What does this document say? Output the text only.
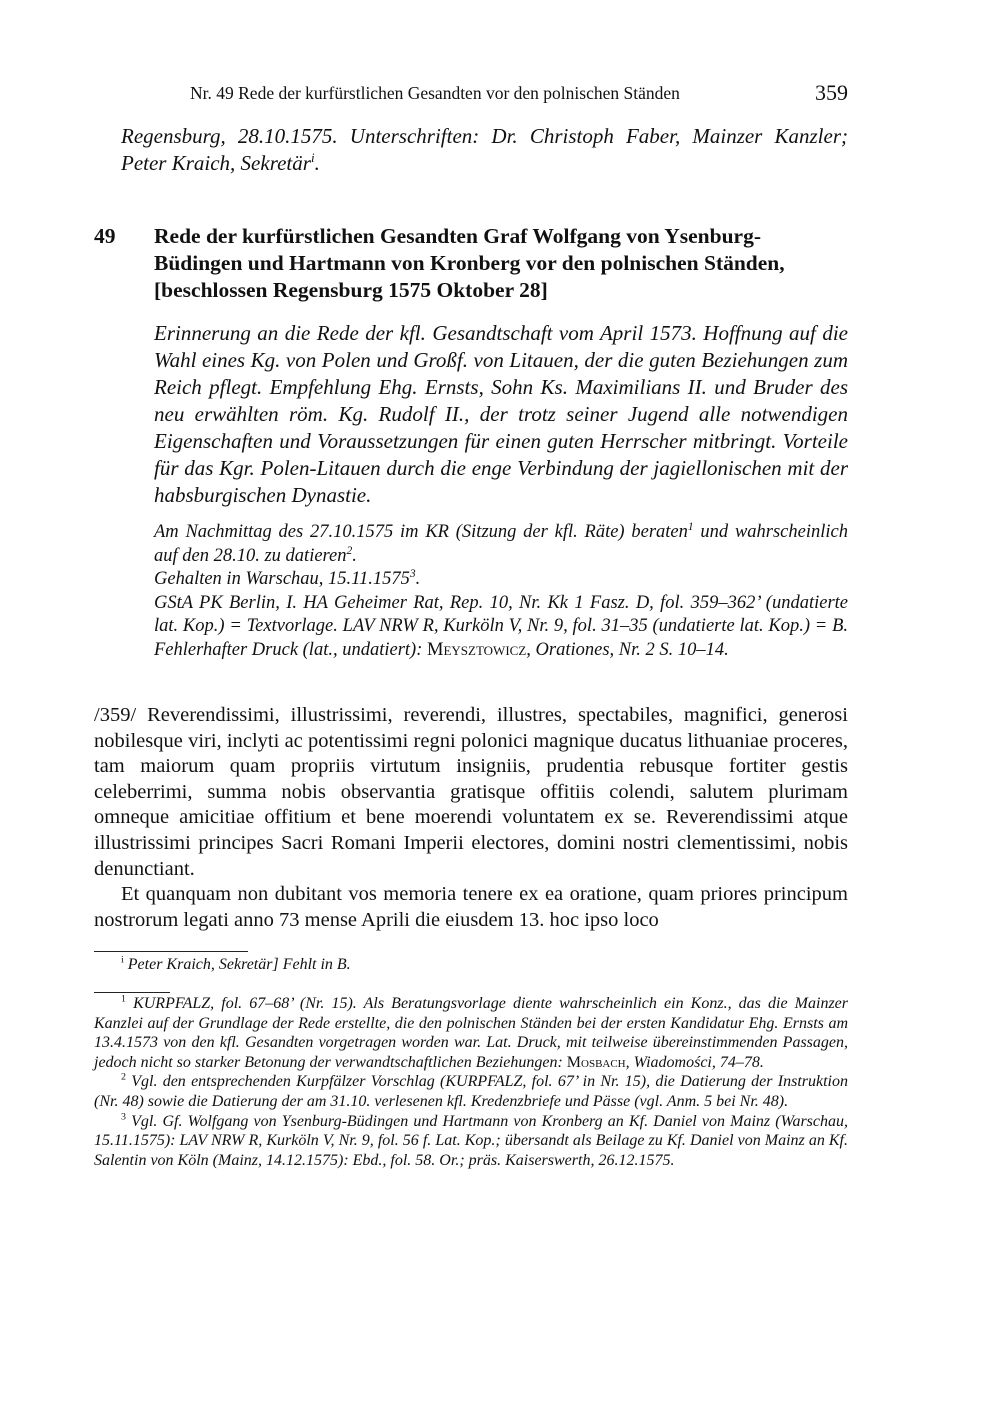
Nr. 49 Rede der kurfürstlichen Gesandten vor den polnischen Ständen	359
Regensburg, 28.10.1575. Unterschriften: Dr. Christoph Faber, Mainzer Kanzler; Peter Kraich, Sekretär$^i$.
49 Rede der kurfürstlichen Gesandten Graf Wolfgang von Ysenburg-Büdingen und Hartmann von Kronberg vor den polnischen Ständen, [beschlossen Regensburg 1575 Oktober 28]
Erinnerung an die Rede der kfl. Gesandtschaft vom April 1573. Hoffnung auf die Wahl eines Kg. von Polen und Großf. von Litauen, der die guten Beziehungen zum Reich pflegt. Empfehlung Ehg. Ernsts, Sohn Ks. Maximilians II. und Bruder des neu erwählten röm. Kg. Rudolf II., der trotz seiner Jugend alle notwendigen Eigenschaften und Voraussetzungen für einen guten Herrscher mitbringt. Vorteile für das Kgr. Polen-Litauen durch die enge Verbindung der jagiellonischen mit der habsburgischen Dynastie.
Am Nachmittag des 27.10.1575 im KR (Sitzung der kfl. Räte) beraten$^1$ und wahrscheinlich auf den 28.10. zu datieren$^2$.
Gehalten in Warschau, 15.11.1575$^3$.
GStA PK Berlin, I. HA Geheimer Rat, Rep. 10, Nr. Kk 1 Fasz. D, fol. 359–362’ (undatierte lat. Kop.) = Textvorlage. LAV NRW R, Kurköln V, Nr. 9, fol. 31–35 (undatierte lat. Kop.) = B. Fehlerhafter Druck (lat., undatiert): Meysztowicz, Orationes, Nr. 2 S. 10–14.

/359/ Reverendissimi, illustrissimi, reverendi, illustres, spectabiles, magnifici, generosi nobilesque viri, inclyti ac potentissimi regni polonici magnique ducatus lithuaniae proceres, tam maiorum quam propriis virtutum insigniis, prudentia rebusque fortiter gestis celeberrimi, summa nobis observantia gratisque offitiis colendi, salutem plurimam omneque amicitiae offitium et bene moerendi voluntatem ex se. Reverendissimi atque illustrissimi principes Sacri Romani Imperii electores, domini nostri clementissimi, nobis denunctiant.

Et quanquam non dubitant vos memoria tenere ex ea oratione, quam priores principum nostrorum legati anno 73 mense Aprili die eiusdem 13. hoc ipso loco

$^i$ Peter Kraich, Sekretär] Fehlt in B.

$^1$ KURPFALZ, fol. 67–68’ (Nr. 15). Als Beratungsvorlage diente wahrscheinlich ein Konz., das die Mainzer Kanzlei auf der Grundlage der Rede erstellte, die den polnischen Ständen bei der ersten Kandidatur Ehg. Ernsts am 13.4.1573 von den kfl. Gesandten vorgetragen worden war. Lat. Druck, mit teilweise übereinstimmenden Passagen, jedoch nicht so starker Betonung der verwandtschaftlichen Beziehungen: Mosbach, Wiadomości, 74–78.

$^2$ Vgl. den entsprechenden Kurpfälzer Vorschlag (KURPFALZ, fol. 67’ in Nr. 15), die Datierung der Instruktion (Nr. 48) sowie die Datierung der am 31.10. verlesenen kfl. Kredenzbriefe und Pässe (vgl. Anm. 5 bei Nr. 48).

$^3$ Vgl. Gf. Wolfgang von Ysenburg-Büdingen und Hartmann von Kronberg an Kf. Daniel von Mainz (Warschau, 15.11.1575): LAV NRW R, Kurköln V, Nr. 9, fol. 56 f. Lat. Kop.; übersandt als Beilage zu Kf. Daniel von Mainz an Kf. Salentin von Köln (Mainz, 14.12.1575): Ebd., fol. 58. Or.; präs. Kaiserswerth, 26.12.1575.
